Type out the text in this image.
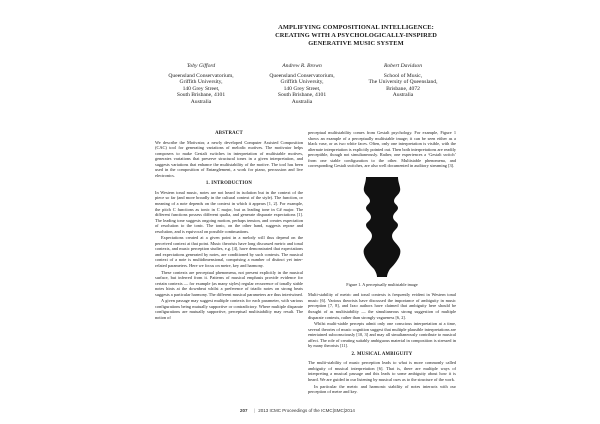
AMPLIFYING COMPOSITIONAL INTELLIGENCE:
CREATING WITH A PSYCHOLOGICALLY-INSPIRED
GENERATIVE MUSIC SYSTEM
Toby Gifford
Queensland Conservatorium,
Griffith University,
140 Grey Street,
South Brisbane, 4101
Australia
Andrew R. Brown
Queensland Conservatorium,
Griffith University,
140 Grey Street,
South Brisbane, 4101
Australia
Robert Davidson
School of Music,
The University of Queensland,
Brisbane, 4072
Australia
ABSTRACT

We describe the Motivator, a newly developed Computer Assisted Composition (CAC) tool for generating variations of melodic motives. The motivator helps composers to make Gestalt switches in interpretation of multistable motives, generates variations that preserve structural tones in a given interpretation, and suggests variations that enhance the multistability of the motive. The tool has been used in the composition of Entanglement, a work for piano, percussion and live electronics.

1. INTRODUCTION

In Western tonal music, notes are not heard in isolation but in the context of the piece so far (and more broadly in the cultural context of the style). The function, or meaning of a note depends on the context in which it appears [1, 2]. For example, the pitch C functions as tonic in C major, but as leading tone in C# major. The different functions possess different qualia, and generate disparate expectations [1]. The leading tone suggests ongoing motion, perhaps tension, and creates expectation of resolution to the tonic. The tonic, on the other hand, suggests repose and resolution, and is equivocal on possible continuations.

Expectations created at a given point in a melody will thus depend on the perceived context at that point. Music theorists have long discussed metric and tonal contexts, and music perception studies, e.g. [4], have demonstrated that expectations and expectations generated by notes, are conditioned by such contexts. The musical context of a note is multidimensional, comprising a number of distinct yet inter-related parameters. Here we focus on metre, key and harmony.

These contexts are perceptual phenomena, not present explicitly in the musical surface, but inferred from it. Patterns of musical emphasis provide evidence for certain contexts — for example (as many styles) regular recurrence of tonally stable notes hints at the downbeat whilst a preference of triadic notes on strong beats suggests a particular harmony. The different musical parameters are thus intertwined.

A given passage may suggest multiple contexts for each parameter, with various configurations being mutually supportive or contradictory. Where multiple disparate configurations are mutually supportive, perceptual multistability may result. The notion of

perceptual multistability comes from Gestalt psychology. For example, Figure 1 shows an example of a perceptually multistable image; it can be seen either as a black vase, or as two white faces. Often, only one interpretation is visible, with the alternate interpretation is explicitly pointed out. Then both interpretations are readily perceptible, though not simultaneously. Rather, one experiences a ‘Gestalt switch’ from one stable configuration to the other. Multistable phenomena, and corresponding Gestalt switches, are also well documented in auditory streaming [3].

Figure 1. A perceptually multistable image

Multi-stability of metric and tonal contexts is frequently evident in Western tonal music [6]. Various theorists have discussed the importance of ambiguity in music perception [7, 8], and Izzo authors have claimed that ambiguity here should be thought of as multistability — the simultaneous strong suggestion of multiple disparate contexts, rather than strongly vagueness [6, 2].

Whilst multi-stable percepts admit only one conscious interpretation at a time, several theories of music cognition suggest that multiple plausible interpretations are entertained subconsciously [10, 3] and may all simultaneously contribute to musical affect. The role of creating suitably ambiguous material in composition is stressed in by many theorists [11].

2. MUSICAL AMBIGUITY

The multi-stability of music perception leads to what is more commonly called ambiguity of musical interpretation [6]. That is, there are multiple ways of interpreting a musical passage and this leads to some ambiguity about how it is heard. We are guided in our listening by musical cues as to the structure of the work.

In particular the metric and harmonic stability of notes interacts with our perception of metre and key.

207 | 2013 ICMC Proceedings of the ICMC|SMC|2014
